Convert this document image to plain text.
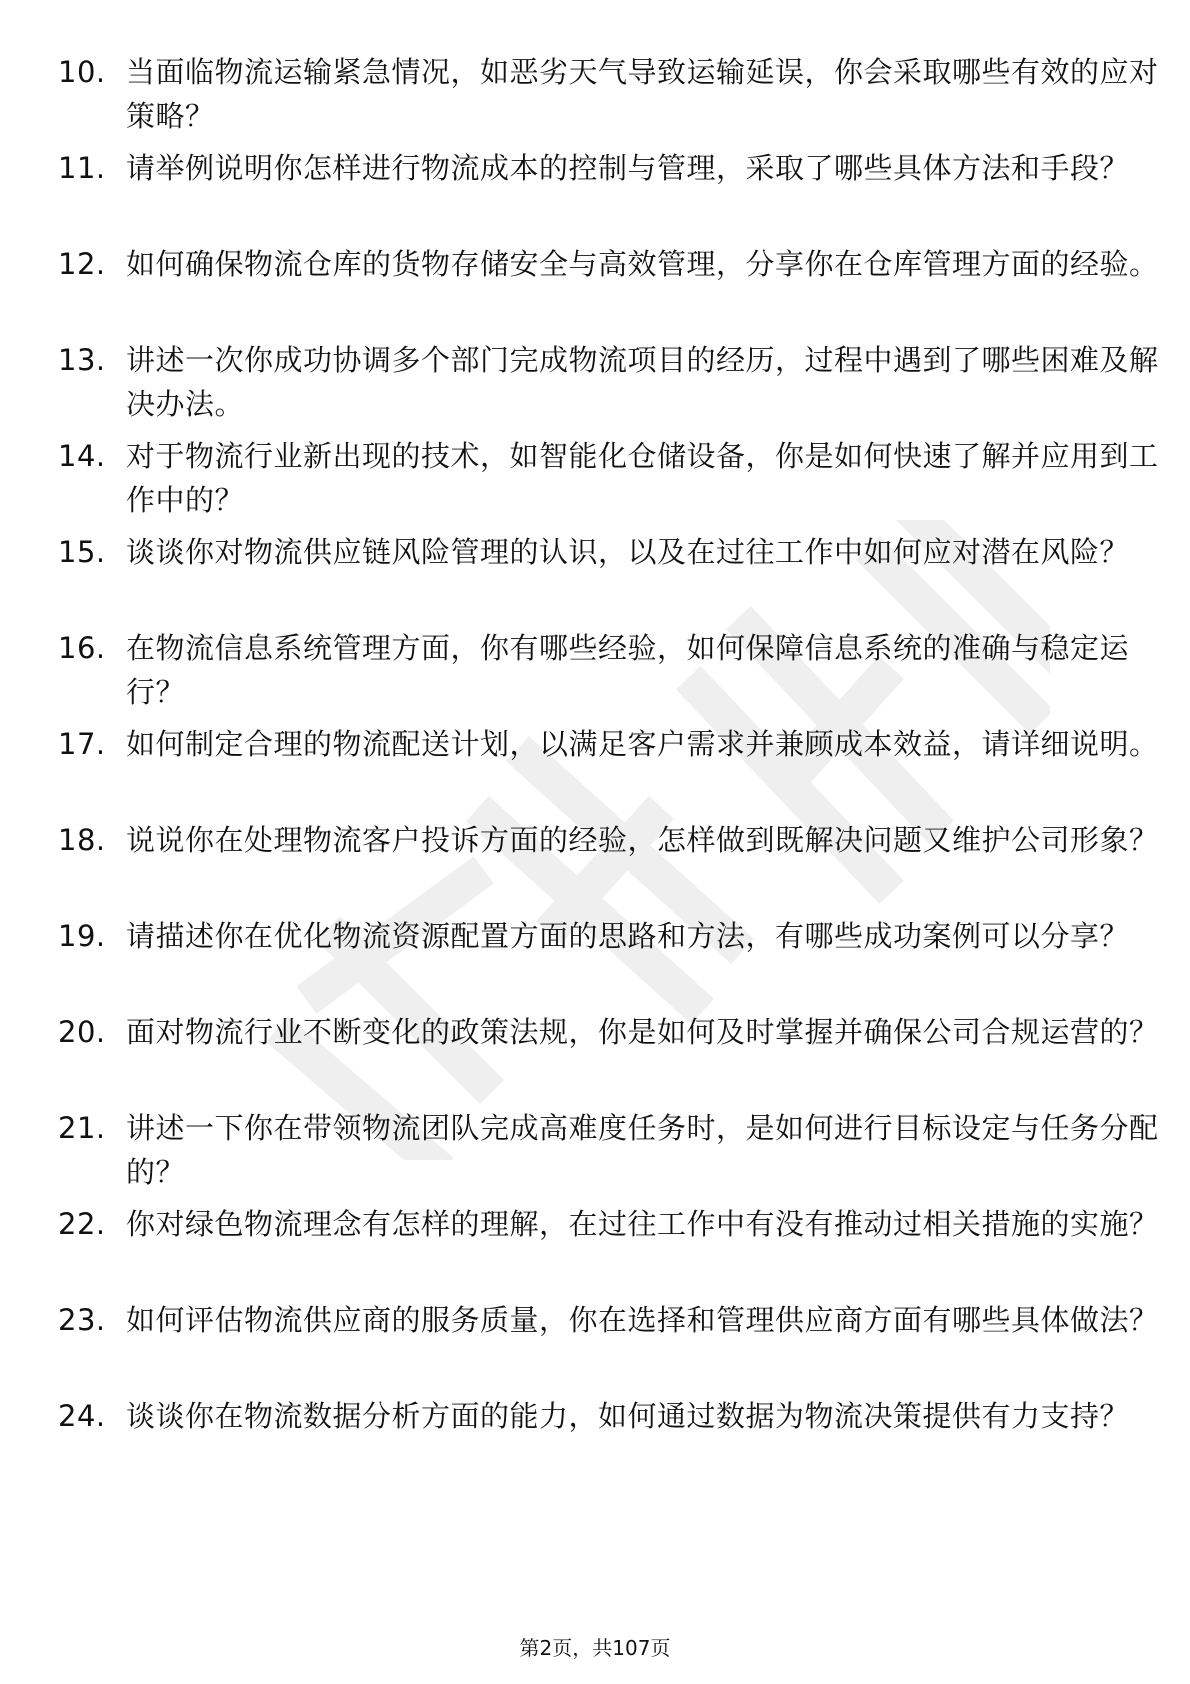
10. 当面临物流运输紧急情况，如恶劣天气导致运输延误，你会采取哪些有效的应对策略？
11. 请举例说明你怎样进行物流成本的控制与管理，采取了哪些具体方法和手段？
12. 如何确保物流仓库的货物存储安全与高效管理，分享你在仓库管理方面的经验。
13. 讲述一次你成功协调多个部门完成物流项目的经历，过程中遇到了哪些困难及解决办法。
14. 对于物流行业新出现的技术，如智能化仓储设备，你是如何快速了解并应用到工作中的？
15. 谈谈你对物流供应链风险管理的认识，以及在过往工作中如何应对潜在风险？
16. 在物流信息系统管理方面，你有哪些经验，如何保障信息系统的准确与稳定运行？
17. 如何制定合理的物流配送计划，以满足客户需求并兼顾成本效益，请详细说明。
18. 说说你在处理物流客户投诉方面的经验，怎样做到既解决问题又维护公司形象？
19. 请描述你在优化物流资源配置方面的思路和方法，有哪些成功案例可以分享？
20. 面对物流行业不断变化的政策法规，你是如何及时掌握并确保公司合规运营的？
21. 讲述一下你在带领物流团队完成高难度任务时，是如何进行目标设定与任务分配的？
22. 你对绿色物流理念有怎样的理解，在过往工作中有没有推动过相关措施的实施？
23. 如何评估物流供应商的服务质量，你在选择和管理供应商方面有哪些具体做法？
24. 谈谈你在物流数据分析方面的能力，如何通过数据为物流决策提供有力支持？
第2页，共107页
